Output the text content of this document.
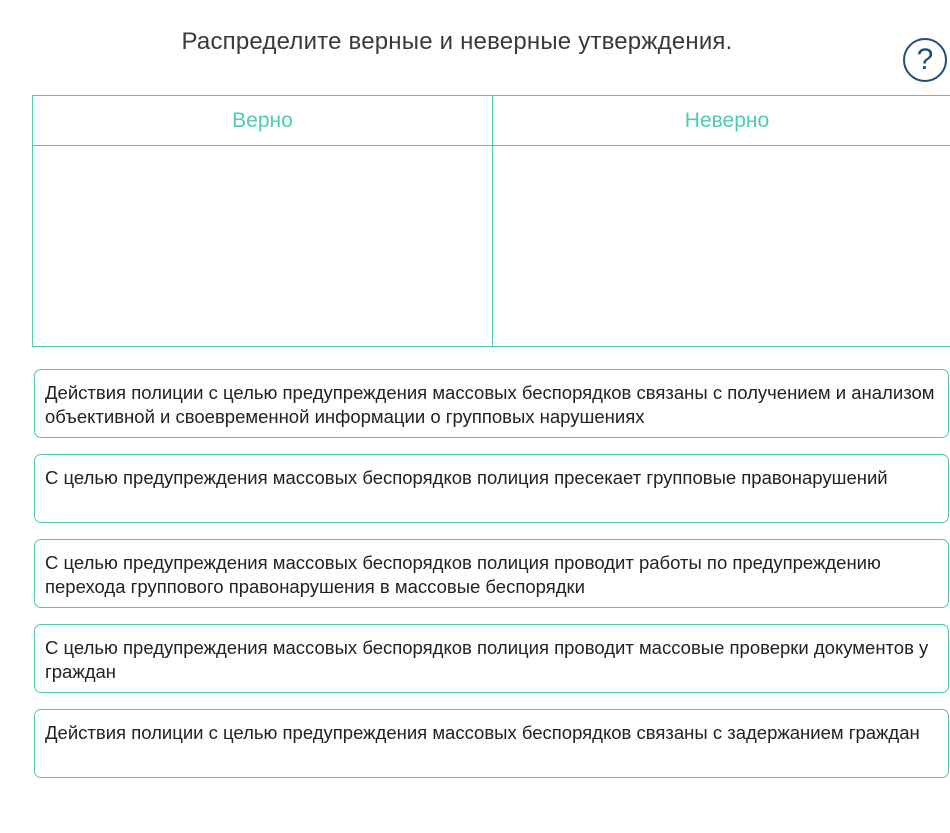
Распределите верные и неверные утверждения.
?
Верно	Неверно
Действия полиции с целью предупреждения массовых беспорядков связаны с получением и анализом объективной и своевременной информации о групповых нарушениях
С целью предупреждения массовых беспорядков полиция пресекает групповые правонарушений
С целью предупреждения массовых беспорядков полиция проводит работы по предупреждению перехода группового правонарушения в массовые беспорядки
С целью предупреждения массовых беспорядков полиция проводит массовые проверки документов у граждан
Действия полиции с целью предупреждения массовых беспорядков связаны с задержанием граждан
